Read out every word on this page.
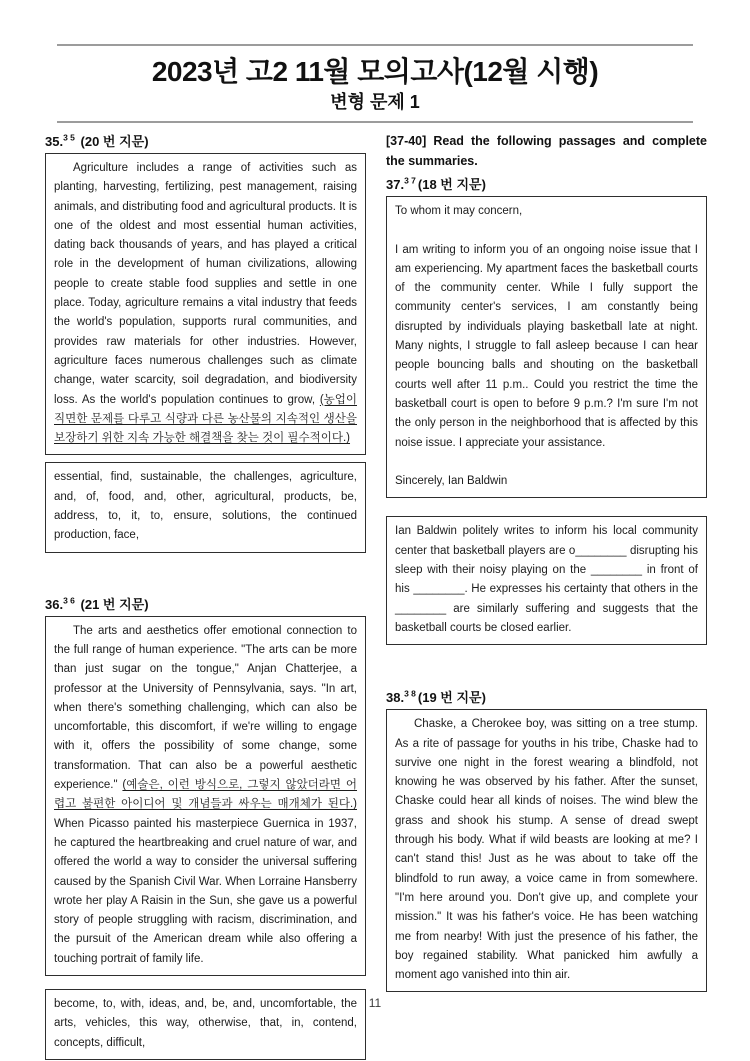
2023년 고2 11월 모의고사(12월 시행)
변형 문제 1
35.$^{3 5}$ (20 번 지문)
Agriculture includes a range of activities such as planting, harvesting, fertilizing, pest management, raising animals, and distributing food and agricultural products. It is one of the oldest and most essential human activities, dating back thousands of years, and has played a critical role in the development of human civilizations, allowing people to create stable food supplies and settle in one place. Today, agriculture remains a vital industry that feeds the world's population, supports rural communities, and provides raw materials for other industries. However, agriculture faces numerous challenges such as climate change, water scarcity, soil degradation, and biodiversity loss. As the world's population continues to grow, (농업이 직면한 문제를 다루고 식량과 다른 농산물의 지속적인 생산을 보장하기 위한 지속 가능한 해결책을 찾는 것이 필수적이다.)
essential, find, sustainable, the challenges, agriculture, and, of, food, and, other, agricultural, products, be, address, to, it, to, ensure, solutions, the continued production, face,
36.$^{3 6}$ (21 번 지문)
The arts and aesthetics offer emotional connection to the full range of human experience. "The arts can be more than just sugar on the tongue," Anjan Chatterjee, a professor at the University of Pennsylvania, says. "In art, when there's something challenging, which can also be uncomfortable, this discomfort, if we're willing to engage with it, offers the possibility of some change, some transformation. That can also be a powerful aesthetic experience." (예술은, 이런 방식으로, 그렇지 않았더라면 어렵고 불편한 아이디어 및 개념들과 싸우는 매개체가 된다.) When Picasso painted his masterpiece Guernica in 1937, he captured the heartbreaking and cruel nature of war, and offered the world a way to consider the universal suffering caused by the Spanish Civil War. When Lorraine Hansberry wrote her play A Raisin in the Sun, she gave us a powerful story of people struggling with racism, discrimination, and the pursuit of the American dream while also offering a touching portrait of family life.
become, to, with, ideas, and, be, and, uncomfortable, the arts, vehicles, this way, otherwise, that, in, contend, concepts, difficult,
[37-40] Read the following passages and complete the summaries.
37.$^{3 7}$ (18 번 지문)
To whom it may concern,
I am writing to inform you of an ongoing noise issue that I am experiencing. My apartment faces the basketball courts of the community center. While I fully support the community center's services, I am constantly being disrupted by individuals playing basketball late at night. Many nights, I struggle to fall asleep because I can hear people bouncing balls and shouting on the basketball courts well after 11 p.m.. Could you restrict the time the basketball court is open to before 9 p.m.? I'm sure I'm not the only person in the neighborhood that is affected by this noise issue. I appreciate your assistance.
Sincerely, Ian Baldwin
Ian Baldwin politely writes to inform his local community center that basketball players are o________ disrupting his sleep with their noisy playing on the ________ in front of his ________. He expresses his certainty that others in the ________ are similarly suffering and suggests that the basketball courts be closed earlier.
38.$^{3 8}$ (19 번 지문)
Chaske, a Cherokee boy, was sitting on a tree stump. As a rite of passage for youths in his tribe, Chaske had to survive one night in the forest wearing a blindfold, not knowing he was observed by his father. After the sunset, Chaske could hear all kinds of noises. The wind blew the grass and shook his stump. A sense of dread swept through his body. What if wild beasts are looking at me? I can't stand this! Just as he was about to take off the blindfold to run away, a voice came in from somewhere. "I'm here around you. Don't give up, and complete your mission." It was his father's voice. He has been watching me from nearby! With just the presence of his father, the boy regained stability. What panicked him awfully a moment ago vanished into thin air.
11
